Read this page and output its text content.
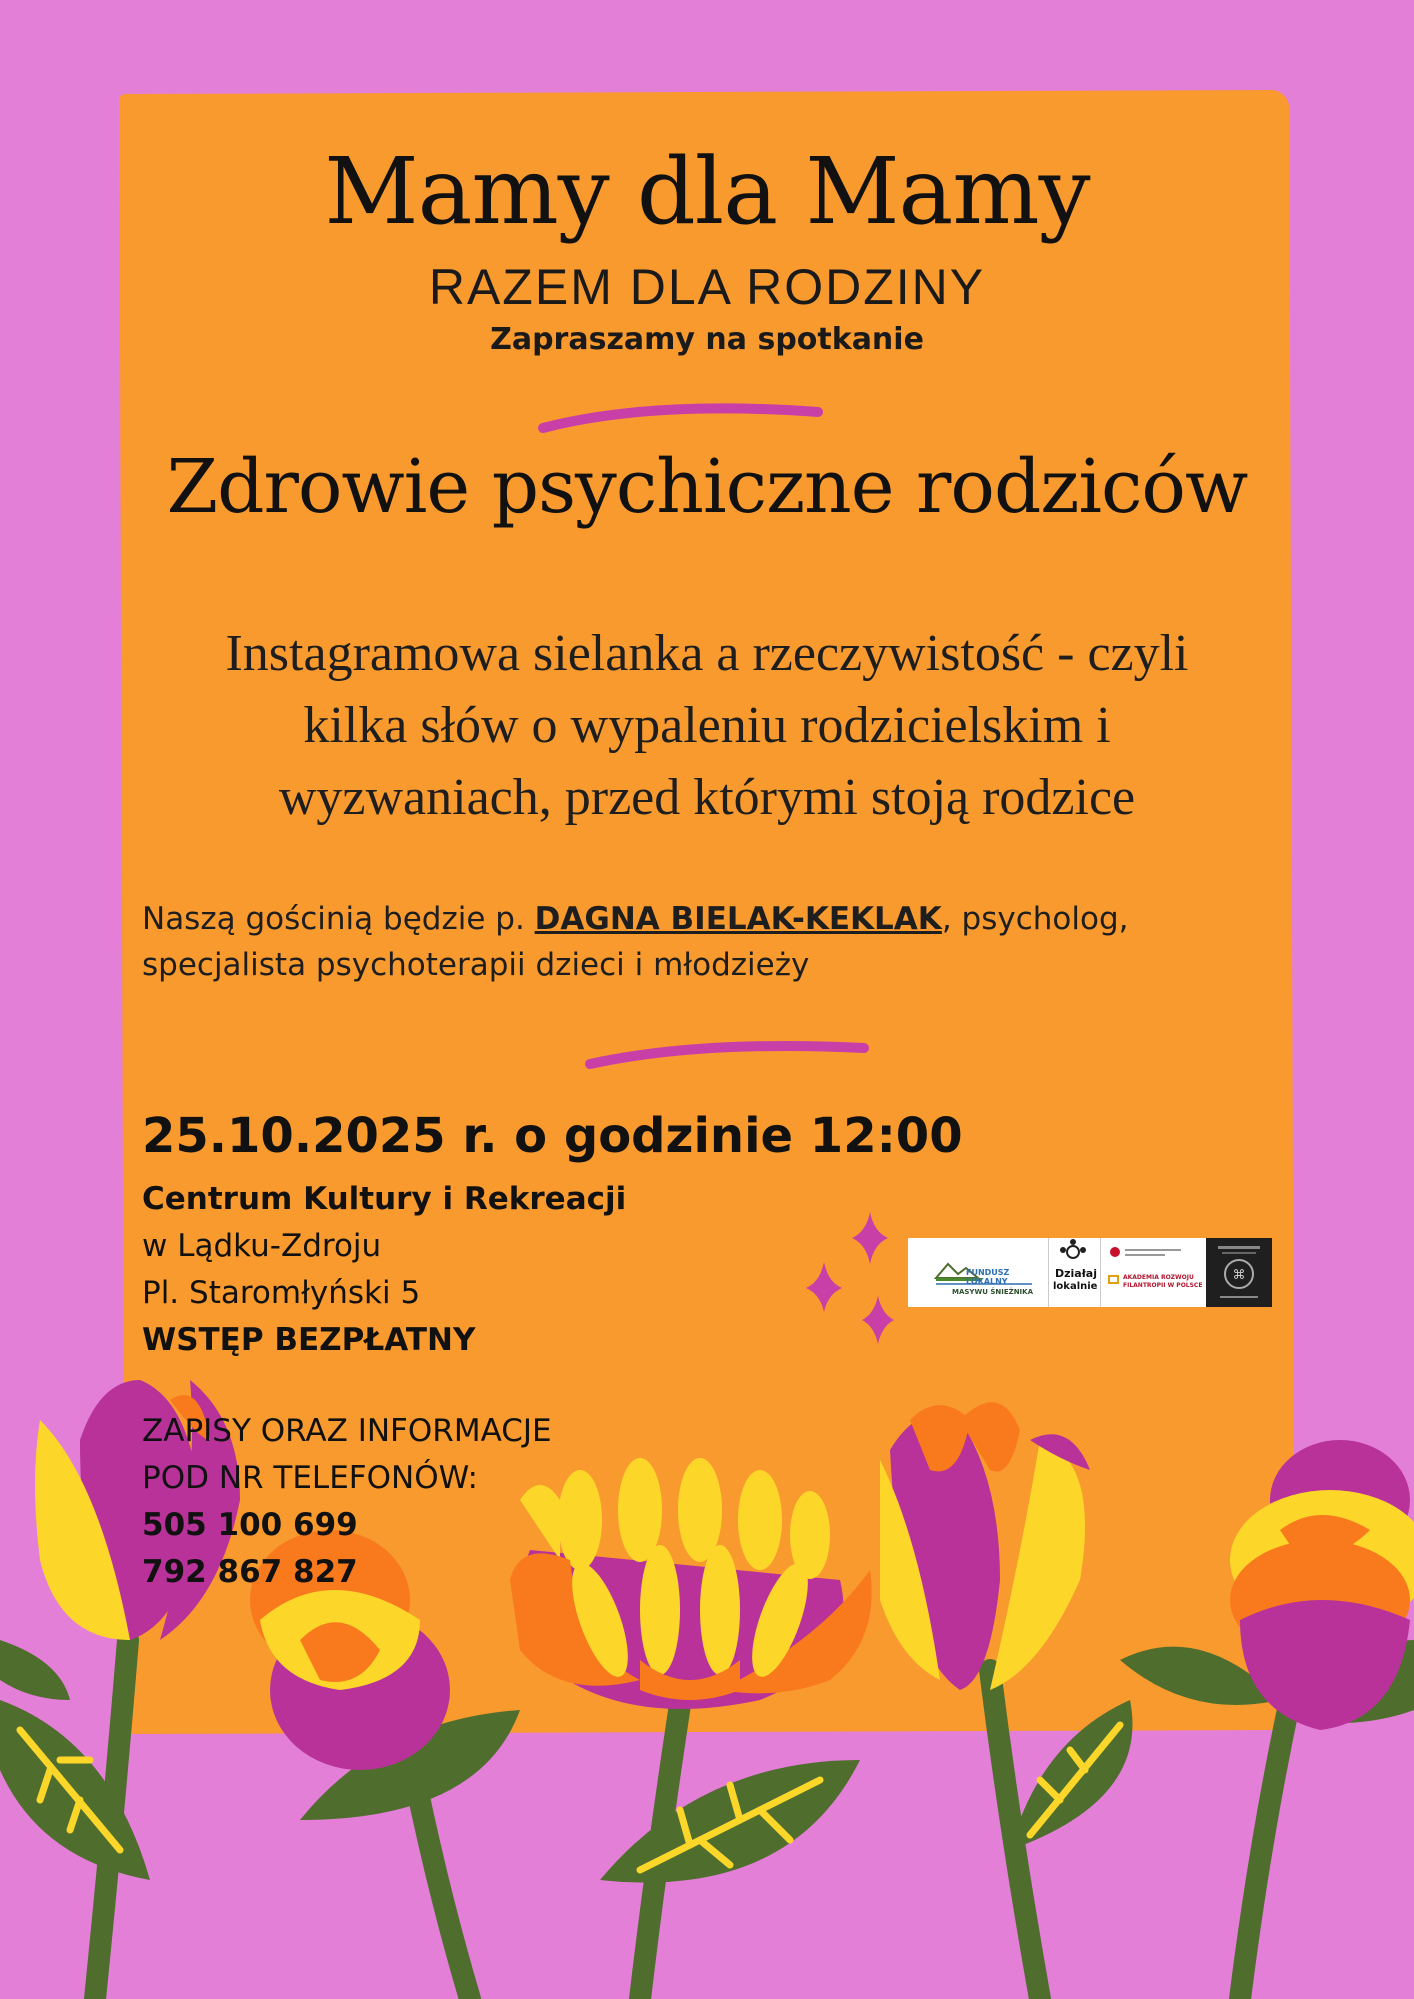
Mamy dla Mamy
RAZEM DLA RODZINY
Zapraszamy na spotkanie
Zdrowie psychiczne rodziców
Instagramowa sielanka a rzeczywistość - czyli
kilka słów o wypaleniu rodzicielskim i
wyzwaniach, przed którymi stoją rodzice
Naszą gościnią będzie p. DAGNA BIELAK-KEKLAK, psycholog,
specjalista psychoterapii dzieci i młodzieży
25.10.2025 r. o godzinie 12:00
Centrum Kultury i Rekreacji
w Lądku-Zdroju
Pl. Staromłyński 5
WSTĘP BEZPŁATNY
ZAPISY ORAZ INFORMACJE
POD NR TELEFONÓW:
505 100 699
792 867 827
FUNDUSZ LOKALNY
MASYWU ŚNIEŻNIKA
Działaj
lokalnie
AKADEMIA ROZWOJU
FILANTROPII W POLSCE
⌘
